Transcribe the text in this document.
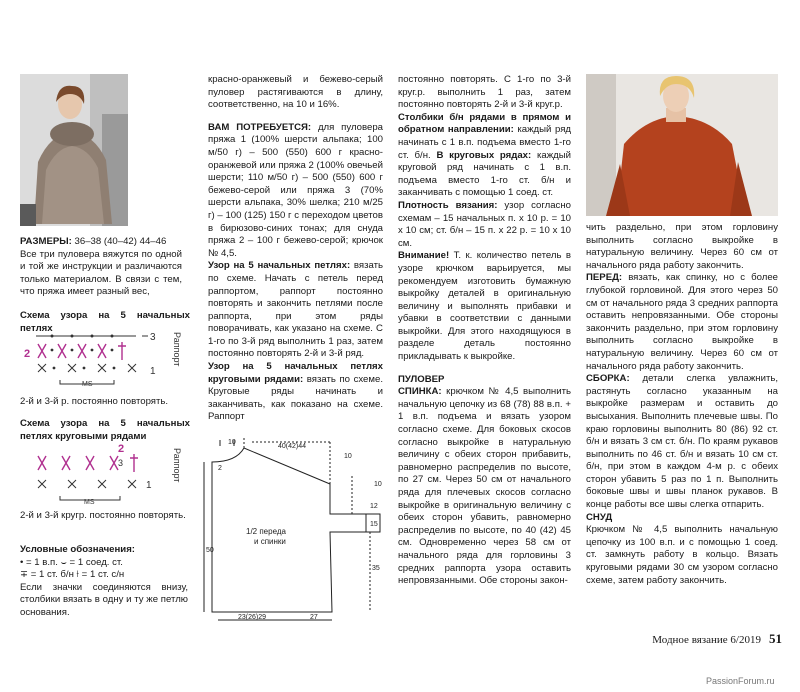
РАЗМЕРЫ: 36–38 (40–42) 44–46

Все три пуловера вяжутся по одной и той же инструкции и различаются только материалом. В связи с тем, что пряжа имеет разный вес,

Схема узора на 5 начальных петлях

2
3
1
MS
Раппорт

2-й и 3-й р. постоянно повторять.

Схема узора на 5 начальных петлях круговыми рядами

2
3
1
MS
Раппорт

2-й и 3-й кругр. постоянно повторять.

Условные обозначения:

• = 1 в.п. ⌣ = 1 соед. ст.

∓ = 1 ст. б/н ⟊ = 1 ст. с/н

Если значки соединяются внизу, столбики вязать в одну и ту же петлю основания.

красно-оранжевый и бежево-серый пуловер растягиваются в длину, соответственно, на 10 и 16%.

ВАМ ПОТРЕБУЕТСЯ: для пуловера пряжа 1 (100% шерсти альпака; 100 м/50 г) – 500 (550) 600 г красно-оранжевой или пряжа 2 (100% овечьей шерсти; 110 м/50 г) – 500 (550) 600 г бежево-серой или пряжа 3 (70% шерсти альпака, 30% шелка; 210 м/25 г) – 100 (125) 150 г с переходом цветов в бирюзово-синих тонах; для снуда пряжа 2 – 100 г бежево-серой; крючок № 4,5.

Узор на 5 начальных петлях: вязать по схеме. Начать с петель перед раппортом, раппорт постоянно повторять и закончить петлями после раппорта, при этом ряды поворачивать, как указано на схеме. С 1-го по 3-й ряд выполнить 1 раз, затем постоянно повторять 2-й и 3-й ряд.

Узор на 5 начальных петлях круговыми рядами: вязать по схеме. Круговые ряды начинать и заканчивать, как показано на схеме. Раппорт

1/2 переда
и спинки
10
2
40(42)44
10
12
15
50
35
23(26)29	27
10

постоянно повторять. С 1-го по 3-й круг.р. выполнить 1 раз, затем постоянно повторять 2-й и 3-й круг.р.

Столбики б/н рядами в прямом и обратном направлении: каждый ряд начинать с 1 в.п. подъема вместо 1-го ст. б/н. В круговых рядах: каждый круговой ряд начинать с 1 в.п. подъема вместо 1-го ст. б/н и заканчивать с помощью 1 соед. ст.

Плотность вязания: узор согласно схемам – 15 начальных п. х 10 р. = 10 х 10 см; ст. б/н – 15 п. х 22 р. = 10 х 10 см.

Внимание! Т. к. количество петель в узоре крючком варьируется, мы рекомендуем изготовить бумажную выкройку деталей в оригинальную величину и выполнять прибавки и убавки в соответствии с данными выкройки. Для этого находящуюся в разделе деталь постоянно прикладывать к выкройке.

ПУЛОВЕР

СПИНКА: крючком № 4,5 выполнить начальную цепочку из 68 (78) 88 в.п. + 1 в.п. подъема и вязать узором согласно схеме. Для боковых скосов согласно выкройке в натуральную величину с обеих сторон прибавить, равномерно распределив по высоте, по 27 см. Через 50 см от начального ряда для плечевых скосов согласно выкройке в оригинальную величину с обеих сторон убавить, равномерно распределив по высоте, по 40 (42) 45 см. Одновременно через 58 см от начального ряда для горловины 3 средних раппорта узора оставить непровязанными. Обе стороны закон-

чить раздельно, при этом горловину выполнить согласно выкройке в натуральную величину. Через 60 см от начального ряда работу закончить.

ПЕРЕД: вязать, как спинку, но с более глубокой горловиной. Для этого через 50 см от начального ряда 3 средних раппорта оставить непровязанными. Обе стороны закончить раздельно, при этом горловину выполнить согласно выкройке в натуральную величину. Через 60 см от начального ряда работу закончить.

СБОРКА: детали слегка увлажнить, растянуть согласно указанным на выкройке размерам и оставить до высыхания. Выполнить плечевые швы. По краю горловины выполнить 80 (86) 92 ст. б/н и вязать 3 см ст. б/н. По краям рукавов выполнить по 46 ст. б/н и вязать 10 см ст. б/н, при этом в каждом 4-м р. с обеих сторон убавить 5 раз по 1 п. Выполнить боковые швы и швы планок рукавов. В конце работы все швы слегка отпарить.

СНУД

Крючком № 4,5 выполнить начальную цепочку из 100 в.п. и с помощью 1 соед. ст. замкнуть работу в кольцо. Вязать круговыми рядами 30 см узором согласно схеме, затем работу закончить.

Модное вязание 6/2019 51
PassionForum.ru
